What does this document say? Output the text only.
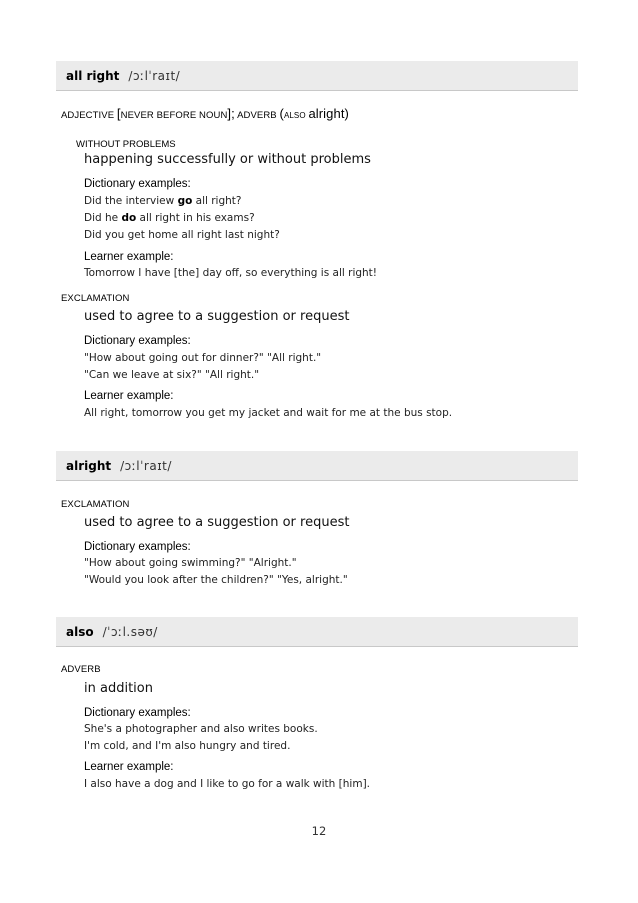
all right /ɔːlˈraɪt/
ADJECTIVE [NEVER BEFORE NOUN]; ADVERB (ALSO alright)
WITHOUT PROBLEMS
happening successfully or without problems
Dictionary examples:
Did the interview go all right?
Did he do all right in his exams?
Did you get home all right last night?
Learner example:
Tomorrow I have [the] day off, so everything is all right!
EXCLAMATION
used to agree to a suggestion or request
Dictionary examples:
"How about going out for dinner?" "All right."
"Can we leave at six?" "All right."
Learner example:
All right, tomorrow you get my jacket and wait for me at the bus stop.
alright /ɔːlˈraɪt/
EXCLAMATION
used to agree to a suggestion or request
Dictionary examples:
"How about going swimming?" "Alright."
"Would you look after the children?" "Yes, alright."
also /ˈɔːl.səʊ/
ADVERB
in addition
Dictionary examples:
She's a photographer and also writes books.
I'm cold, and I'm also hungry and tired.
Learner example:
I also have a dog and I like to go for a walk with [him].
12
